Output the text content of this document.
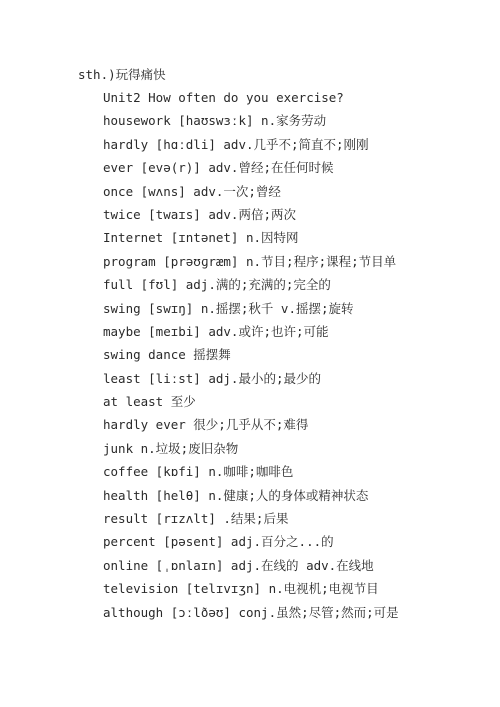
sth.)玩得痛快
Unit2 How often do you exercise?
housework [haʊswɜːk] n.家务劳动
hardly [hɑːdli] adv.几乎不;简直不;刚刚
ever [evə(r)] adv.曾经;在任何时候
once [wʌns] adv.一次;曾经
twice [twaɪs] adv.两倍;两次
Internet [ɪntənet] n.因特网
program [prəʊɡræm] n.节目;程序;课程;节目单
full [fʊl] adj.满的;充满的;完全的
swing [swɪŋ] n.摇摆;秋千 v.摇摆;旋转
maybe [meɪbi] adv.或许;也许;可能
swing dance 摇摆舞
least [liːst] adj.最小的;最少的
at least 至少
hardly ever 很少;几乎从不;难得
junk n.垃圾;废旧杂物
coffee [kɒfi] n.咖啡;咖啡色
health [helθ] n.健康;人的身体或精神状态
result [rɪzʌlt] .结果;后果
percent [pəsent] adj.百分之...的
online [ˌɒnlaɪn] adj.在线的 adv.在线地
television [telɪvɪʒn] n.电视机;电视节目
although [ɔːlðəʊ] conj.虽然;尽管;然而;可是
